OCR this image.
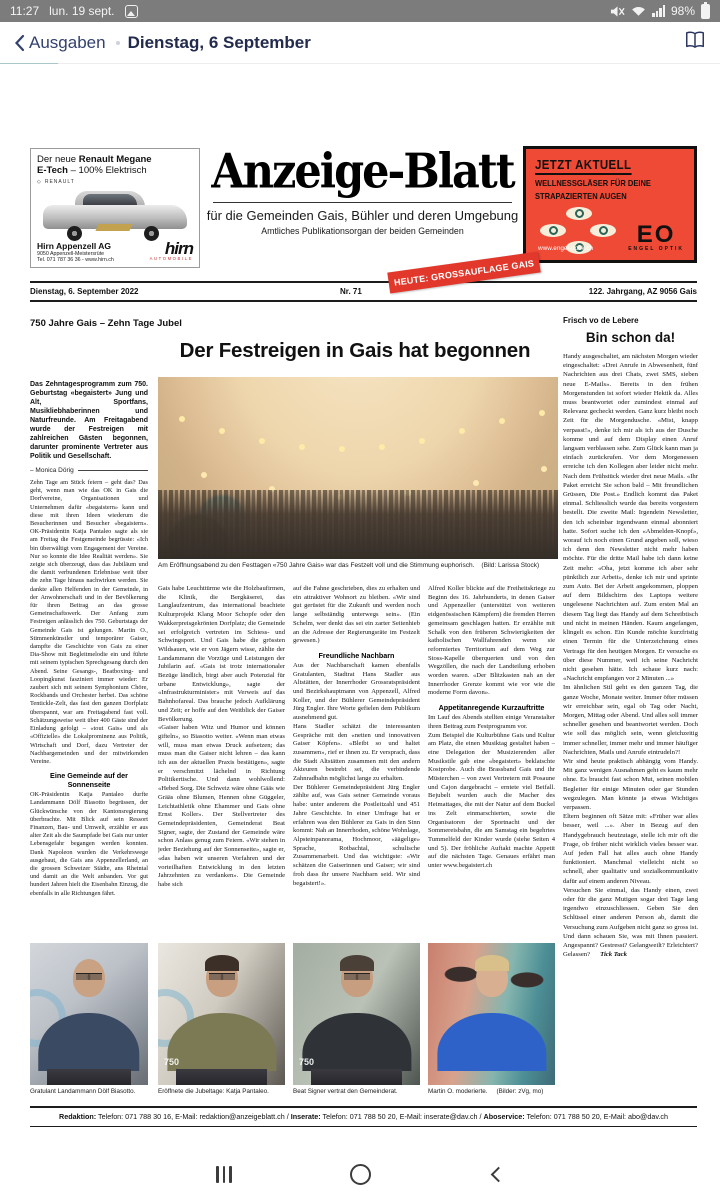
11:27 lun. 19 sept.	98%
Ausgaben Dienstag, 6 September
Der neue Renault Megane
E-Tech – 100% Elektrisch
◇ RENAULT
Hirn Appenzell AG
9050 Appenzell-Meistersrüte
Tel. 071 787 36 36 - www.hirn.ch
hirn
AUTOMOBILE
Anzeige-Blatt
für die Gemeinden Gais, Bühler und deren Umgebung
Amtliches Publikationsorgan der beiden Gemeinden
JETZT AKTUELL
WELLNESSGLÄSER FÜR DEINE
STRAPAZIERTEN AUGEN
www.engel-optik.ch
EO
ENGEL OPTIK
HEUTE: GROSSAUFLAGE GAIS
Dienstag, 6. September 2022	Nr. 71	122. Jahrgang, AZ 9056 Gais
750 Jahre Gais – Zehn Tage Jubel
Der Festreigen in Gais hat begonnen
Das Zehntagesprogramm zum 750. Geburtstag «begaistert» Jung und Alt, Sportfans, Musikliebhaberinnen und Naturfreunde. Am Freitagabend wurde der Festreigen mit zahlreichen Gästen begonnen, darunter prominente Vertreter aus Politik und Gesellschaft.
– Monica Dörig

Zehn Tage am Stück feiern – geht das? Das geht, wenn man wie das OK in Gais die Dorfvereine, Organisationen und Unternehmen dafür «begaistern» kann und diese mit ihren Ideen wiederum die Besucherinnen und Besucher «begaistern». OK-Präsidentin Katja Pantaleo sagte als sie am Freitag die Festgemeinde begrüsste: «Ich bin überwältigt vom Engagement der Vereine. Nur so konnte die Idee Realität werden». Sie zeigte sich überzeugt, dass das Jubiläum und die damit verbundenen Erlebnisse weit über die zehn Tage hinaus nachwirken werden. Sie dankte allen Helfenden in der Gemeinde, in der Anwohnerschaft und in der Bevölkerung für ihren Beitrag an das grosse Gemeinschaftswerk. Der Anfang zum Festreigen anlässlich des 750. Geburtstags der Gemeinde Gais ist gelungen. Martin O., Stimmenkünstler und temporärer Gaiser, dampfte die Geschichte von Gais zu einer Dia-Show mit Begleitmelodie ein und führte mit seinem typischen Sprechgesang durch den Abend. Seine Gesangs-, Beatboxing- und Loopingkunst fasziniert immer wieder: Er zaubert sich mit seinem Symphonium Chöre, Rockbands und Orchester herbei. Das schöne Tentickle-Zelt, das fast den ganzen Dorfplatz überspannt, war am Freitagabend fast voll. Schätzungsweise weit über 400 Gäste sind der Einladung gefolgt – «tout Gais» und als «Offizielle» die Lokalprominenz aus Politik, Wirtschaft und Dorf, dazu Vertreter der Nachbargemeinden und der mitwirkenden Vereine.

Eine Gemeinde auf der Sonnenseite

OK-Präsidentin Katja Pantaleo durfte Landammann Dölf Biasotto begrüssen, der Glückwünsche von der Kantonsregierung überbrachte. Mit Blick auf sein Ressort Finanzen, Bau- und Umwelt, erzählte er aus alter Zeit als die Saumpfade bei Gais nur unter Lebensgefahr begangen werden konnten. Dank Napoleon wurden die Verkehrswege ausgebaut, die Gais ans Appenzellerland, an die grossen Schweizer Städte, ans Rheintal und damit an die Welt anbanden. Vor gut hundert Jahren hielt die Eisenbahn Einzug, die ebenfalls in alle Richtungen fährt.

Am Eröffnungsabend zu den Festtagen «750 Jahre Gais» war das Festzelt voll und die Stimmung euphorisch. (Bild: Larissa Stock)

Gais habe Leuchttürme wie die Holzbaufirmen, die Klinik, die Bergkäserei, das Langlaufzentrum, das international beachtete Kulturprojekt Klang Moor Schopfe oder den Wakkerpreisgekrönten Dorfplatz; die Gemeinde sei erfolgreich vertreten im Schiess- und Schwingsport. Und Gais habe die grössten Wildsauen, wie er von Jägern wisse, zählte der Landammann die Vorzüge und Leistungen der Jubilarin auf. «Gais ist trotz internationaler Bezüge ländlich, birgt aber auch Potenzial für urbane Entwicklung», sagte der «Infrastrukturminister» mit Verweis auf das Bahnhofareal. Das brauche jedoch Aufklärung und Zeit; er hoffe auf den Weitblick der Gaiser Bevölkerung.

«Gaiser haben Witz und Humor und können gifteln», so Biasotto weiter. «Wenn man etwas will, muss man etwas Druck aufsetzen; das muss man die Gaiser nicht lehren – das kann ich aus der aktuellen Praxis bestätigen», sagte er verschmitzt lächelnd in Richtung Politikertische. Und dann wohlwollend: «Hebed Sorg. Die Schweiz wäre ohne Gääs wie Grääs ohne Blumen, Hennen ohne Güggeler, Leichtathletik ohne Ehammer und Gais ohne Ernst Koller». Der Stellvertreter des Gemeindepräsidenten, Gemeinderat Beat Signer, sagte, der Zustand der Gemeinde wäre schon Anlass genug zum Feiern. «Wir stehen in jeder Beziehung auf der Sonnenseite», sagte er, «das haben wir unseren Vorfahren und der vorteilhaften Entwicklung in den letzten Jahrzehnten zu verdanken». Die Gemeinde habe sich

auf die Fahne geschrieben, dies zu erhalten und ein attraktiver Wohnort zu bleiben. «Wir sind gut gerüstet für die Zukunft und werden noch lange selbständig unterwegs sein». (Ein Schelm, wer denkt das sei ein zarter Seitenhieb an die Adresse der Regierungsräte im Festzelt gewesen.)

Freundliche Nachbarn

Aus der Nachbarschaft kamen ebenfalls Gratulanten, Stadtrat Hans Stadler aus Altstätten, der Innerrhoder Grossratspräsident und Bezirkshauptmann von Appenzell, Alfred Koller, und der Bühlerer Gemeindepräsident Jürg Engler. Ihre Worte gefielen dem Publikum ausnehmend gut.

Hans Stadler schätzt die interessanten Gespräche mit den «netten und innovativen Gaiser Köpfen». «Bleibt so und haltet zusammen», rief er ihnen zu. Er versprach, dass die Stadt Altstätten zusammen mit den andern Akteuren bestrebt sei, die verbindende Zahnradbahn möglichst lange zu erhalten.

Der Bühlerer Gemeindepräsident Jürg Engler zählte auf, was Gais seiner Gemeinde voraus habe: unter anderem die Postleitzahl und 451 Jahre Geschichte. In einer Umfrage hat er erfahren was den Bühlerer zu Gais in den Sinn kommt: Nah an Innerrhoden, schöne Wohnlage, Alpsteinpanorama, Hochmoor, «äägelige» Sprache, Rotbachtal, schulische Zusammenarbeit. Und das wichtigste: «Wir schätzen die Gaiserinnen und Gaiser; wir sind froh dass ihr unsere Nachbarn seid. Wir sind begaistert!».

Alfred Koller blickte auf die Freiheitskriege zu Beginn des 16. Jahrhunderts, in denen Gaiser und Appenzeller (unterstützt von weiteren eidgenössischen Kämpfern) die fremden Herren gemeinsam geschlagen hatten. Er erzählte mit Schalk von den früheren Schwierigkeiten der katholischen Wallfahrenden wenn sie reformiertes Territorium auf dem Weg zur Stoss-Kapelle überquerten und von den Wegzöllen, die nach der Landteilung erhoben worden waren. «Der Blitzkasten nah an der Innerrhoder Grenze kommt wie vor wie die moderne Form davon».

Appetitanregende Kurzauftritte

Im Lauf des Abends stellten einige Veranstalter ihren Beitrag zum Festprogramm vor.

Zum Beispiel die Kulturbühne Gais und Kultur am Platz, die einen Musiktag gestaltet haben – eine Delegation der Musizierenden aller Musikstile gab eine «begaistert» beklatschte Kostprobe. Auch die Brassband Gais und ihr Müsterchen – von zwei Vertretern mit Posaune und Cajon dargebracht – erntete viel Beifall. Bejubelt wurden auch die Macher des Heimattages, die mit der Natur auf dem Buckel ins Zelt einmarschierten, sowie die Organisatoren der Sportnacht und der Sommereisbahn, die am Samstag ein begehrtes Tummelfeld der Kinder wurde (siehe Seiten 4 und 5). Der fröhliche Auftakt machte Appetit auf die nächsten Tage. Genaues erfährt man unter www.begaistert.ch

Frisch vo de Lebere
Bin schon da!

Handy ausgeschaltet, am nächsten Morgen wieder eingeschaltet: «Drei Anrufe in Abwesenheit, fünf Nachrichten aus drei Chats, zwei SMS, sieben neue E-Mails». Bereits in den frühen Morgenstunden ist sofort wieder Hektik da. Alles muss beantwortet oder zumindest einmal auf Relevanz gecheckt werden. Ganz kurz bleibt noch Zeit für die Morgendusche. «Mist, knapp verpasst!», denke ich mir als ich aus der Dusche komme und auf dem Display einen Anruf langsam verblassen sehe. Zum Glück kann man ja einfach zurückrufen. Vor dem Morgenessen erreiche ich den Kollegen aber leider nicht mehr. Nach dem Frühstück wieder drei neue Mails. «Ihr Paket erreicht Sie schon bald – Mit freundlichen Grüssen, Die Post.» Endlich kommt das Paket einmal. Schliesslich wurde das bereits vorgestern bestellt. Die zweite Mail: Irgendein Newsletter, den ich scheinbar irgendwann einmal abonniert hatte. Sofort suche ich den «Abmelden-Knopf», worauf ich noch einen Grund angeben soll, wieso ich denn den Newsletter nicht mehr haben möchte. Für die dritte Mail habe ich dann keine Zeit mehr: «Oha, jetzt komme ich aber sehr pünktlich zur Arbeit», denke ich mir und sprinte zum Auto. Bei der Arbeit angekommen, ploppen auf dem Bildschirm des Laptops weitere ungelesene Nachrichten auf. Zum ersten Mal an diesem Tag liegt das Handy auf dem Schreibtisch und nicht in meinen Händen. Kaum angefangen, klingelt es schon. Ein Kunde möchte kurzfristig einen Termin für die Unterzeichnung eines Vertrags für den heutigen Morgen. Er versuche es über diese Nummer, weil ich seine Nachricht nicht gesehen hätte. Ich schaue kurz nach: «Nachricht empfangen vor 2 Minuten ...»

Im ähnlichen Stil geht es den ganzen Tag, die ganze Woche, Monate weiter. Immer öfter müssen wir erreichbar sein, egal ob Tag oder Nacht, Morgen, Mittag oder Abend. Und alles soll immer schneller gesehen und beantwortet werden. Doch wie soll das möglich sein, wenn gleichzeitig immer schneller, immer mehr und immer häufiger Nachrichten, Mails und Anrufe eintrudeln?!

Wir sind heute praktisch abhängig vom Handy. Mit ganz wenigen Ausnahmen geht es kaum mehr ohne. Es braucht fast schon Mut, seinen mobilen Begleiter für einige Minuten oder gar Stunden wegzulegen. Man könnte ja etwas Wichtiges verpassen.

Eltern beginnen oft Sätze mit: «Früher war alles besser, weil ...». Aber in Bezug auf den Handygebrauch heutzutage, stelle ich mir oft die Frage, ob früher nicht wirklich vieles besser war. Auf jeden Fall hat alles auch ohne Handy funktioniert. Manchmal vielleicht nicht so schnell, aber qualitativ und sozialkommunikativ dafür auf einem anderen Niveau.

Versuchen Sie einmal, das Handy einen, zwei oder für die ganz Mutigen sogar drei Tage lang irgendwo einzuschliessen. Geben Sie den Schlüssel einer anderen Person ab, damit die Versuchung zum Aufgeben nicht ganz so gross ist. Und dann schauen Sie, was mit Ihnen passiert. Angespannt? Gestresst? Gelangweilt? Erleichtert? Gelassen? Tick Tack

750	750
Gratulant Landammann Dölf Biasotto.	Eröffnete die Jubeltage: Katja Pantaleo.	Beat Signer vertrat den Gemeinderat.	Martin O. moderierte. (Bilder: zVg, mo)
Redaktion: Telefon: 071 788 30 16, E-Mail: redaktion@anzeigeblatt.ch / Inserate: Telefon: 071 788 50 20, E-Mail: inserate@dav.ch / Aboservice: Telefon: 071 788 50 20, E-Mail: abo@dav.ch
